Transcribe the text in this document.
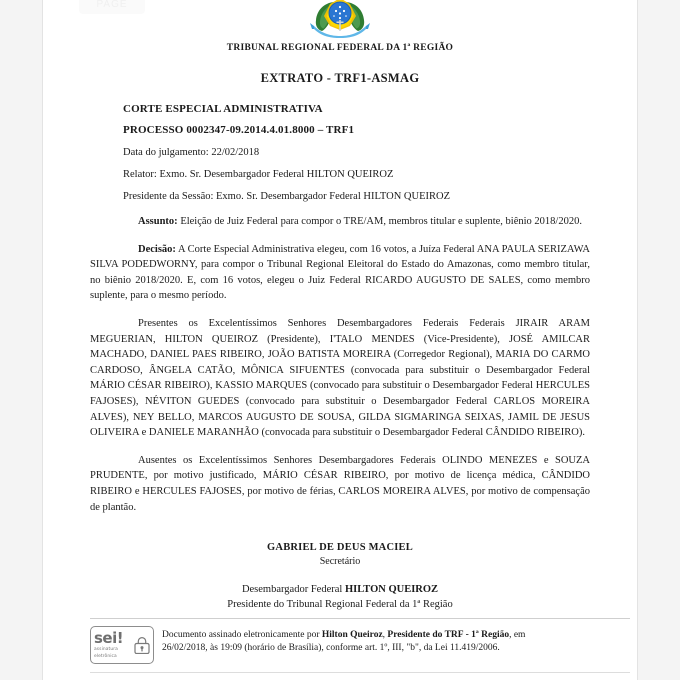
PAGE
TRIBUNAL REGIONAL FEDERAL DA 1ª REGIÃO
EXTRATO - TRF1-ASMAG
CORTE ESPECIAL ADMINISTRATIVA
PROCESSO 0002347-09.2014.4.01.8000 – TRF1
Data do julgamento: 22/02/2018
Relator: Exmo. Sr. Desembargador Federal HILTON QUEIROZ
Presidente da Sessão: Exmo. Sr. Desembargador Federal HILTON QUEIROZ

Assunto: Eleição de Juiz Federal para compor o TRE/AM, membros titular e suplente, biênio 2018/2020.

Decisão: A Corte Especial Administrativa elegeu, com 16 votos, a Juíza Federal ANA PAULA SERIZAWA SILVA PODEDWORNY, para compor o Tribunal Regional Eleitoral do Estado do Amazonas, como membro titular, no biênio 2018/2020. E, com 16 votos, elegeu o Juiz Federal RICARDO AUGUSTO DE SALES, como membro suplente, para o mesmo período.

Presentes os Excelentíssimos Senhores Desembargadores Federais Federais JIRAIR ARAM MEGUERIAN, HILTON QUEIROZ (Presidente), I'TALO MENDES (Vice-Presidente), JOSÉ AMILCAR MACHADO, DANIEL PAES RIBEIRO, JOÃO BATISTA MOREIRA (Corregedor Regional), MARIA DO CARMO CARDOSO, ÂNGELA CATÃO, MÔNICA SIFUENTES (convocada para substituir o Desembargador Federal MÁRIO CÉSAR RIBEIRO), KASSIO MARQUES (convocado para substituir o Desembargador Federal HERCULES FAJOSES), NÉVITON GUEDES (convocado para substituir o Desembargador Federal CARLOS MOREIRA ALVES), NEY BELLO, MARCOS AUGUSTO DE SOUSA, GILDA SIGMARINGA SEIXAS, JAMIL DE JESUS OLIVEIRA e DANIELE MARANHÃO (convocada para substituir o Desembargador Federal CÂNDIDO RIBEIRO).

Ausentes os Excelentíssimos Senhores Desembargadores Federais OLINDO MENEZES e SOUZA PRUDENTE, por motivo justificado, MÁRIO CÉSAR RIBEIRO, por motivo de licença médica, CÂNDIDO RIBEIRO e HERCULES FAJOSES, por motivo de férias, CARLOS MOREIRA ALVES, por motivo de compensação de plantão.

GABRIEL DE DEUS MACIEL
Secretário
Desembargador Federal HILTON QUEIROZ
Presidente do Tribunal Regional Federal da 1ª Região
sei!
assinatura
eletrônica
Documento assinado eletronicamente por Hilton Queiroz, Presidente do TRF - 1ª Região, em
26/02/2018, às 19:09 (horário de Brasília), conforme art. 1º, III, "b", da Lei 11.419/2006.
